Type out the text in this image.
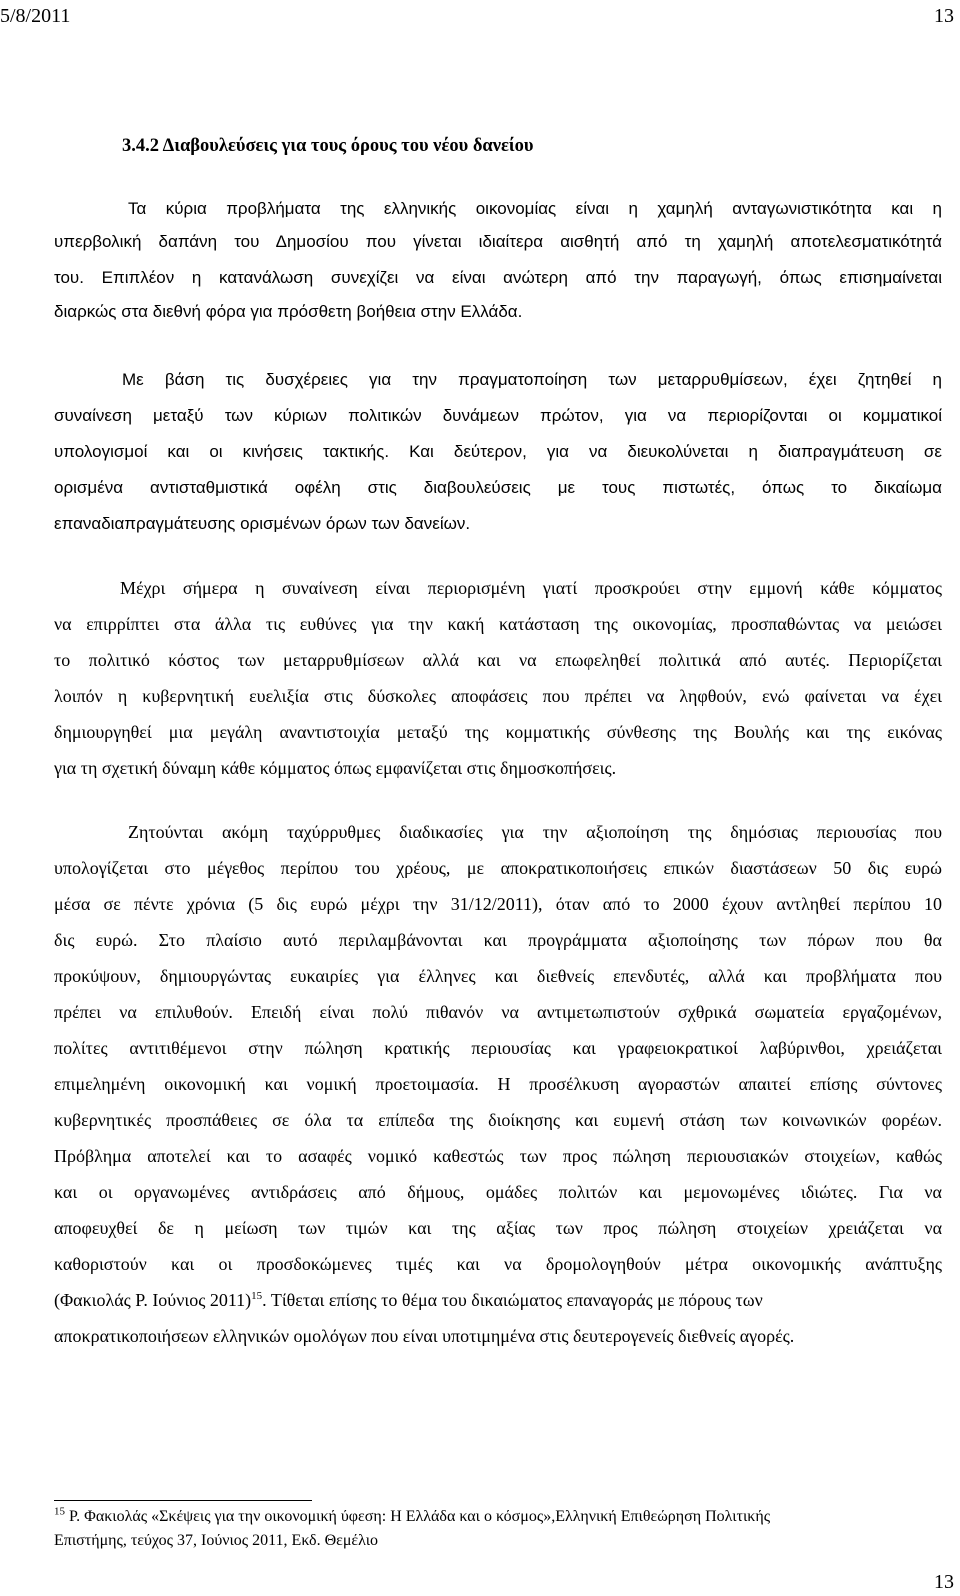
5/8/2011	13
3.4.2 Διαβουλεύσεις για τους όρους του νέου δανείου
Τα κύρια προβλήματα της ελληνικής οικονομίας είναι η χαμηλή ανταγωνιστικότητα και η
υπερβολική δαπάνη του Δημοσίου που γίνεται ιδιαίτερα αισθητή από τη χαμηλή αποτελεσματικότητά
του. Επιπλέον η κατανάλωση συνεχίζει να είναι ανώτερη από την παραγωγή, όπως επισημαίνεται
διαρκώς στα διεθνή φόρα για πρόσθετη βοήθεια στην Ελλάδα.
Με βάση τις δυσχέρειες για την πραγματοποίηση των μεταρρυθμίσεων, έχει ζητηθεί η
συναίνεση μεταξύ των κύριων πολιτικών δυνάμεων πρώτον, για να περιορίζονται οι κομματικοί
υπολογισμοί και οι κινήσεις τακτικής. Και δεύτερον, για να διευκολύνεται η διαπραγμάτευση σε
ορισμένα αντισταθμιστικά οφέλη στις διαβουλεύσεις με τους πιστωτές, όπως το δικαίωμα
επαναδιαπραγμάτευσης ορισμένων όρων των δανείων.
Μέχρι σήμερα η συναίνεση είναι περιορισμένη γιατί προσκρούει στην εμμονή κάθε κόμματος
να επιρρίπτει στα άλλα τις ευθύνες για την κακή κατάσταση της οικονομίας, προσπαθώντας να μειώσει
το πολιτικό κόστος των μεταρρυθμίσεων αλλά και να επωφεληθεί πολιτικά από αυτές. Περιορίζεται
λοιπόν η κυβερνητική ευελιξία στις δύσκολες αποφάσεις που πρέπει να ληφθούν, ενώ φαίνεται να έχει
δημιουργηθεί μια μεγάλη αναντιστοιχία μεταξύ της κομματικής σύνθεσης της Βουλής και της εικόνας
για τη σχετική δύναμη κάθε κόμματος όπως εμφανίζεται στις δημοσκοπήσεις.
Ζητούνται ακόμη ταχύρρυθμες διαδικασίες για την αξιοποίηση της δημόσιας περιουσίας που
υπολογίζεται στο μέγεθος περίπου του χρέους, με αποκρατικοποιήσεις επικών διαστάσεων 50 δις ευρώ
μέσα σε πέντε χρόνια (5 δις ευρώ μέχρι την 31/12/2011), όταν από το 2000 έχουν αντληθεί περίπου 10
δις ευρώ. Στο πλαίσιο αυτό περιλαμβάνονται και προγράμματα αξιοποίησης των πόρων που θα
προκύψουν, δημιουργώντας ευκαιρίες για έλληνες και διεθνείς επενδυτές, αλλά και προβλήματα που
πρέπει να επιλυθούν. Επειδή είναι πολύ πιθανόν να αντιμετωπιστούν σχθρικά σωματεία εργαζομένων,
πολίτες αντιτιθέμενοι στην πώληση κρατικής περιουσίας και γραφειοκρατικοί λαβύρινθοι, χρειάζεται
επιμελημένη οικονομική και νομική προετοιμασία. Η προσέλκυση αγοραστών απαιτεί επίσης σύντονες
κυβερνητικές προσπάθειες σε όλα τα επίπεδα της διοίκησης και ευμενή στάση των κοινωνικών φορέων.
Πρόβλημα αποτελεί και το ασαφές νομικό καθεστώς των προς πώληση περιουσιακών στοιχείων, καθώς
και οι οργανωμένες αντιδράσεις από δήμους, ομάδες πολιτών και μεμονωμένες ιδιώτες. Για να
αποφευχθεί δε η μείωση των τιμών και της αξίας των προς πώληση στοιχείων χρειάζεται να
καθοριστούν και οι προσδοκώμενες τιμές και να δρομολογηθούν μέτρα οικονομικής ανάπτυξης
(Φακιολάς Ρ. Ιούνιος 2011)$^{15}$. Τίθεται επίσης το θέμα του δικαιώματος επαναγοράς με πόρους των
αποκρατικοποιήσεων ελληνικών ομολόγων που είναι υποτιμημένα στις δευτερογενείς διεθνείς αγορές.
$^{15}$ Ρ. Φακιολάς «Σκέψεις για την οικονομική ύφεση: Η Ελλάδα και ο κόσμος»,Ελληνική Επιθεώρηση Πολιτικής
Επιστήμης, τεύχος 37, Ιούνιος 2011, Εκδ. Θεμέλιο
13
